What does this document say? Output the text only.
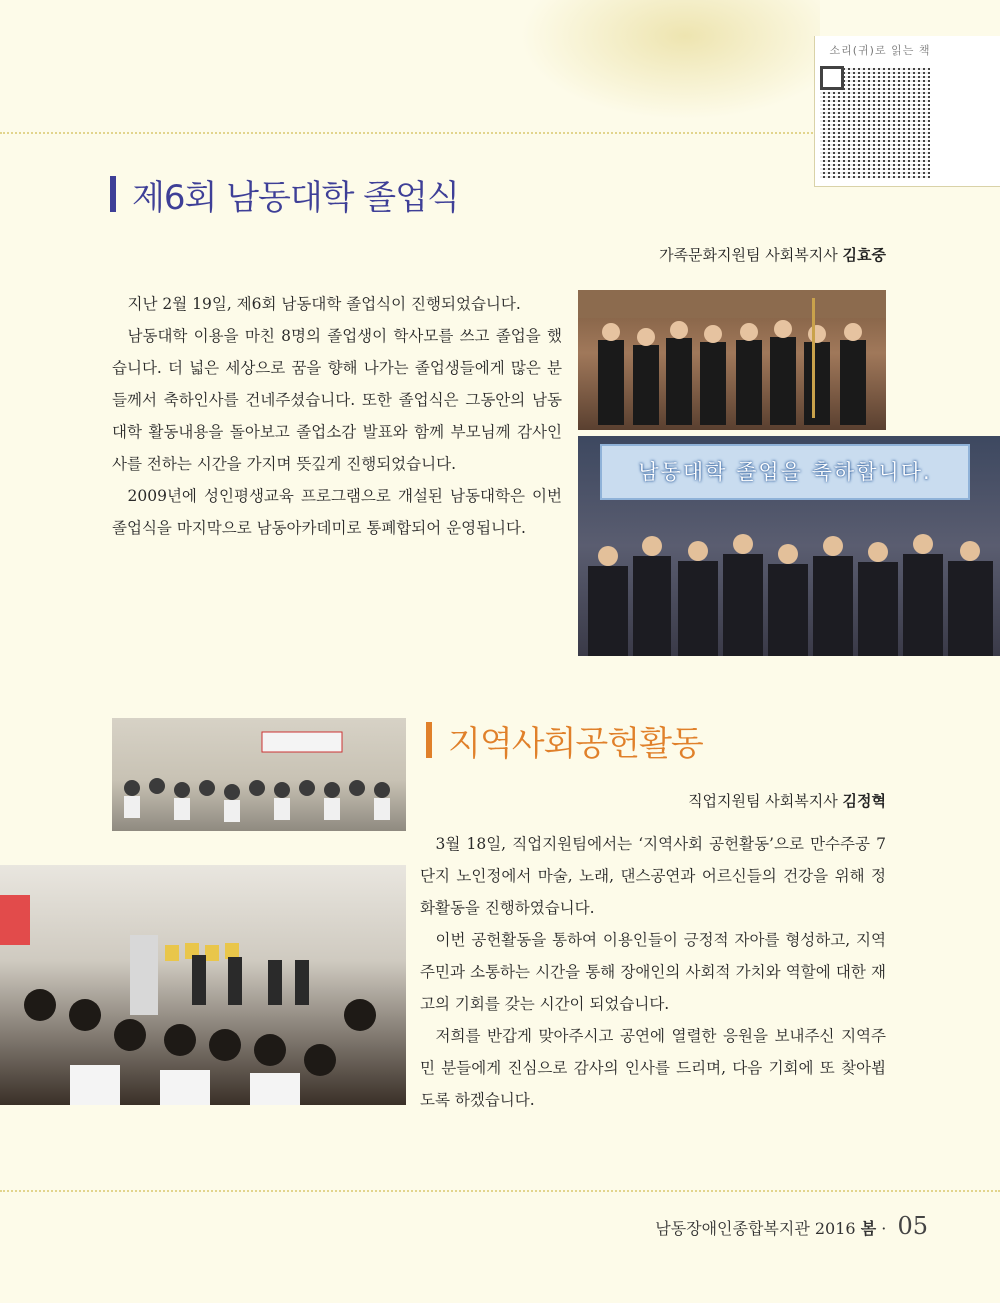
소리(귀)로 읽는 책
제6회 남동대학 졸업식
가족문화지원팀 사회복지사 김효중

지난 2월 19일, 제6회 남동대학 졸업식이 진행되었습니다.

남동대학 이용을 마친 8명의 졸업생이 학사모를 쓰고 졸업을 했습니다. 더 넓은 세상으로 꿈을 향해 나가는 졸업생들에게 많은 분들께서 축하인사를 건네주셨습니다. 또한 졸업식은 그동안의 남동대학 활동내용을 돌아보고 졸업소감 발표와 함께 부모님께 감사인사를 전하는 시간을 가지며 뜻깊게 진행되었습니다.

2009년에 성인평생교육 프로그램으로 개설된 남동대학은 이번 졸업식을 마지막으로 남동아카데미로 통폐합되어 운영됩니다.

남동대학 졸업을 축하합니다.
지역사회공헌활동
직업지원팀 사회복지사 김정혁

3월 18일, 직업지원팀에서는 ‘지역사회 공헌활동’으로 만수주공 7단지 노인정에서 마술, 노래, 댄스공연과 어르신들의 건강을 위해 정화활동을 진행하였습니다.

이번 공헌활동을 통하여 이용인들이 긍정적 자아를 형성하고, 지역주민과 소통하는 시간을 통해 장애인의 사회적 가치와 역할에 대한 재고의 기회를 갖는 시간이 되었습니다.

저희를 반갑게 맞아주시고 공연에 열렬한 응원을 보내주신 지역주민 분들에게 진심으로 감사의 인사를 드리며, 다음 기회에 또 찾아뵙도록 하겠습니다.

남동장애인종합복지관 2016 봄 · 05
